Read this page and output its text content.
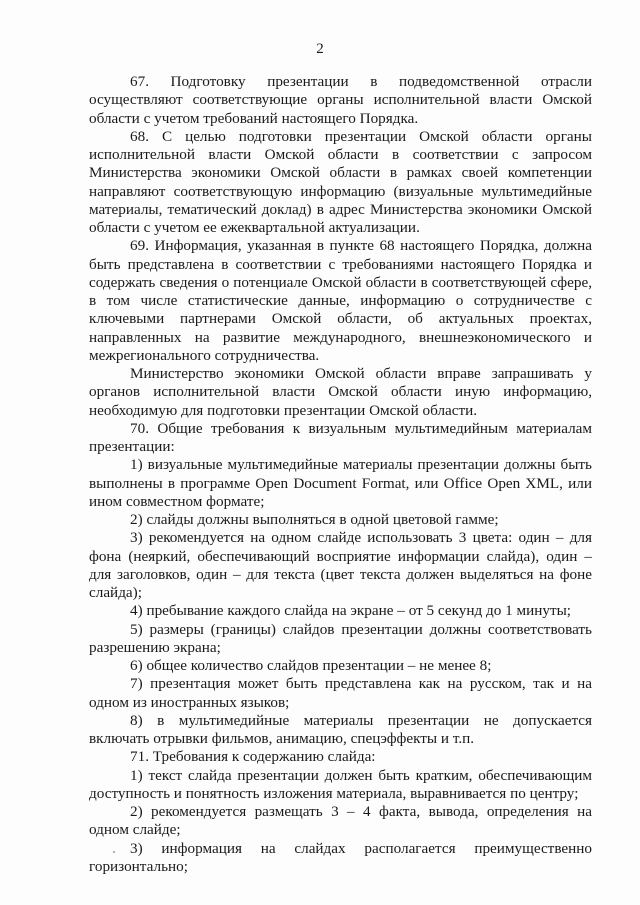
2

67. Подготовку презентации в подведомственной отрасли осуществляют соответствующие органы исполнительной власти Омской области с учетом требований настоящего Порядка.

68. С целью подготовки презентации Омской области органы исполнительной власти Омской области в соответствии с запросом Министерства экономики Омской области в рамках своей компетенции направляют соответствующую информацию (визуальные мультимедийные материалы, тематический доклад) в адрес Министерства экономики Омской области с учетом ее ежеквартальной актуализации.

69. Информация, указанная в пункте 68 настоящего Порядка, должна быть представлена в соответствии с требованиями настоящего Порядка и содержать сведения о потенциале Омской области в соответствующей сфере, в том числе статистические данные, информацию о сотрудничестве с ключевыми партнерами Омской области, об актуальных проектах, направленных на развитие международного, внешнеэкономического и межрегионального сотрудничества.

Министерство экономики Омской области вправе запрашивать у органов исполнительной власти Омской области иную информацию, необходимую для подготовки презентации Омской области.

70. Общие требования к визуальным мультимедийным материалам презентации:

1) визуальные мультимедийные материалы презентации должны быть выполнены в программе Open Document Format, или Office Open XML, или ином совместном формате;

2) слайды должны выполняться в одной цветовой гамме;

3) рекомендуется на одном слайде использовать 3 цвета: один – для фона (неяркий, обеспечивающий восприятие информации слайда), один – для заголовков, один – для текста (цвет текста должен выделяться на фоне слайда);

4) пребывание каждого слайда на экране – от 5 секунд до 1 минуты;

5) размеры (границы) слайдов презентации должны соответствовать разрешению экрана;

6) общее количество слайдов презентации – не менее 8;

7) презентация может быть представлена как на русском, так и на одном из иностранных языков;

8) в мультимедийные материалы презентации не допускается включать отрывки фильмов, анимацию, спецэффекты и т.п.

71. Требования к содержанию слайда:

1) текст слайда презентации должен быть кратким, обеспечивающим доступность и понятность изложения материала, выравнивается по центру;

2) рекомендуется размещать 3 – 4 факта, вывода, определения на одном слайде;

3) информация на слайдах располагается преимущественно горизонтально;
